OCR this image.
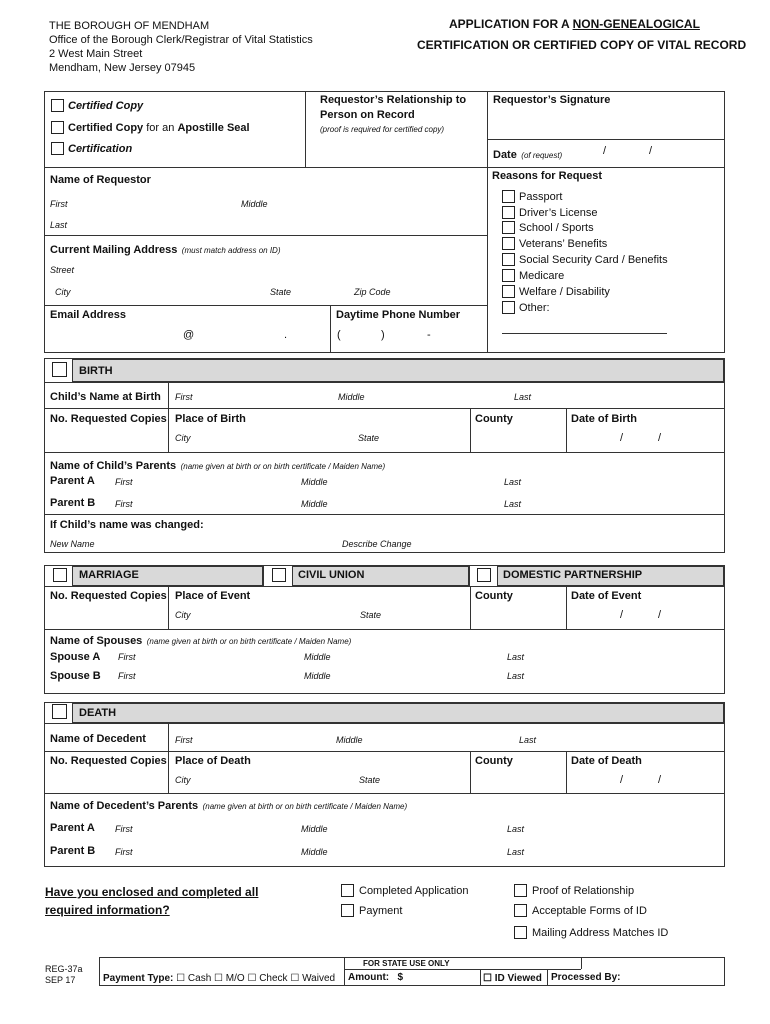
THE BOROUGH OF MENDHAM
Office of the Borough Clerk/Registrar of Vital Statistics
2 West Main Street
Mendham, New Jersey 07945
APPLICATION FOR A NON-GENEALOGICAL
CERTIFICATION OR CERTIFIED COPY OF VITAL RECORD
Certified Copy
Certified Copy for an Apostille Seal
Certification
Requestor’s Relationship to
Person on Record
(proof is required for certified copy)
Requestor’s Signature
Date (of request)	/	/
Name of Requestor
First	Middle
Last
Current Mailing Address (must match address on ID)
Street
City	State	Zip Code
Email Address
@	.
Daytime Phone Number
(	)	-
Reasons for Request
Passport
Driver’s License
School / Sports
Veterans’ Benefits
Social Security Card / Benefits
Medicare
Welfare / Disability
Other:
BIRTH
Child’s Name at Birth First	Middle	Last
No. Requested Copies Place of Birth	County	Date of Birth
City	State	/	/
Name of Child’s Parents (name given at birth or on birth certificate / Maiden Name)
Parent A First	Middle	Last
Parent B First	Middle	Last
If Child’s name was changed:
New Name	Describe Change
MARRIAGE	CIVIL UNION	DOMESTIC PARTNERSHIP
No. Requested Copies Place of Event	County	Date of Event
City	State	/	/
Name of Spouses (name given at birth or on birth certificate / Maiden Name)
Spouse A First	Middle	Last
Spouse B First	Middle	Last
DEATH
Name of Decedent	First	Middle	Last
No. Requested Copies Place of Death	County	Date of Death
City	State	/	/
Name of Decedent’s Parents (name given at birth or on birth certificate / Maiden Name)
Parent A First	Middle	Last
Parent B First	Middle	Last
Have you enclosed and completed all
required information?
Completed Application
Payment
Proof of Relationship
Acceptable Forms of ID
Mailing Address Matches ID
REG-37a
SEP 17
FOR STATE USE ONLY
Payment Type: ☐ Cash ☐ M/O ☐ Check ☐ Waived Amount: $	☐ ID Viewed Processed By:
